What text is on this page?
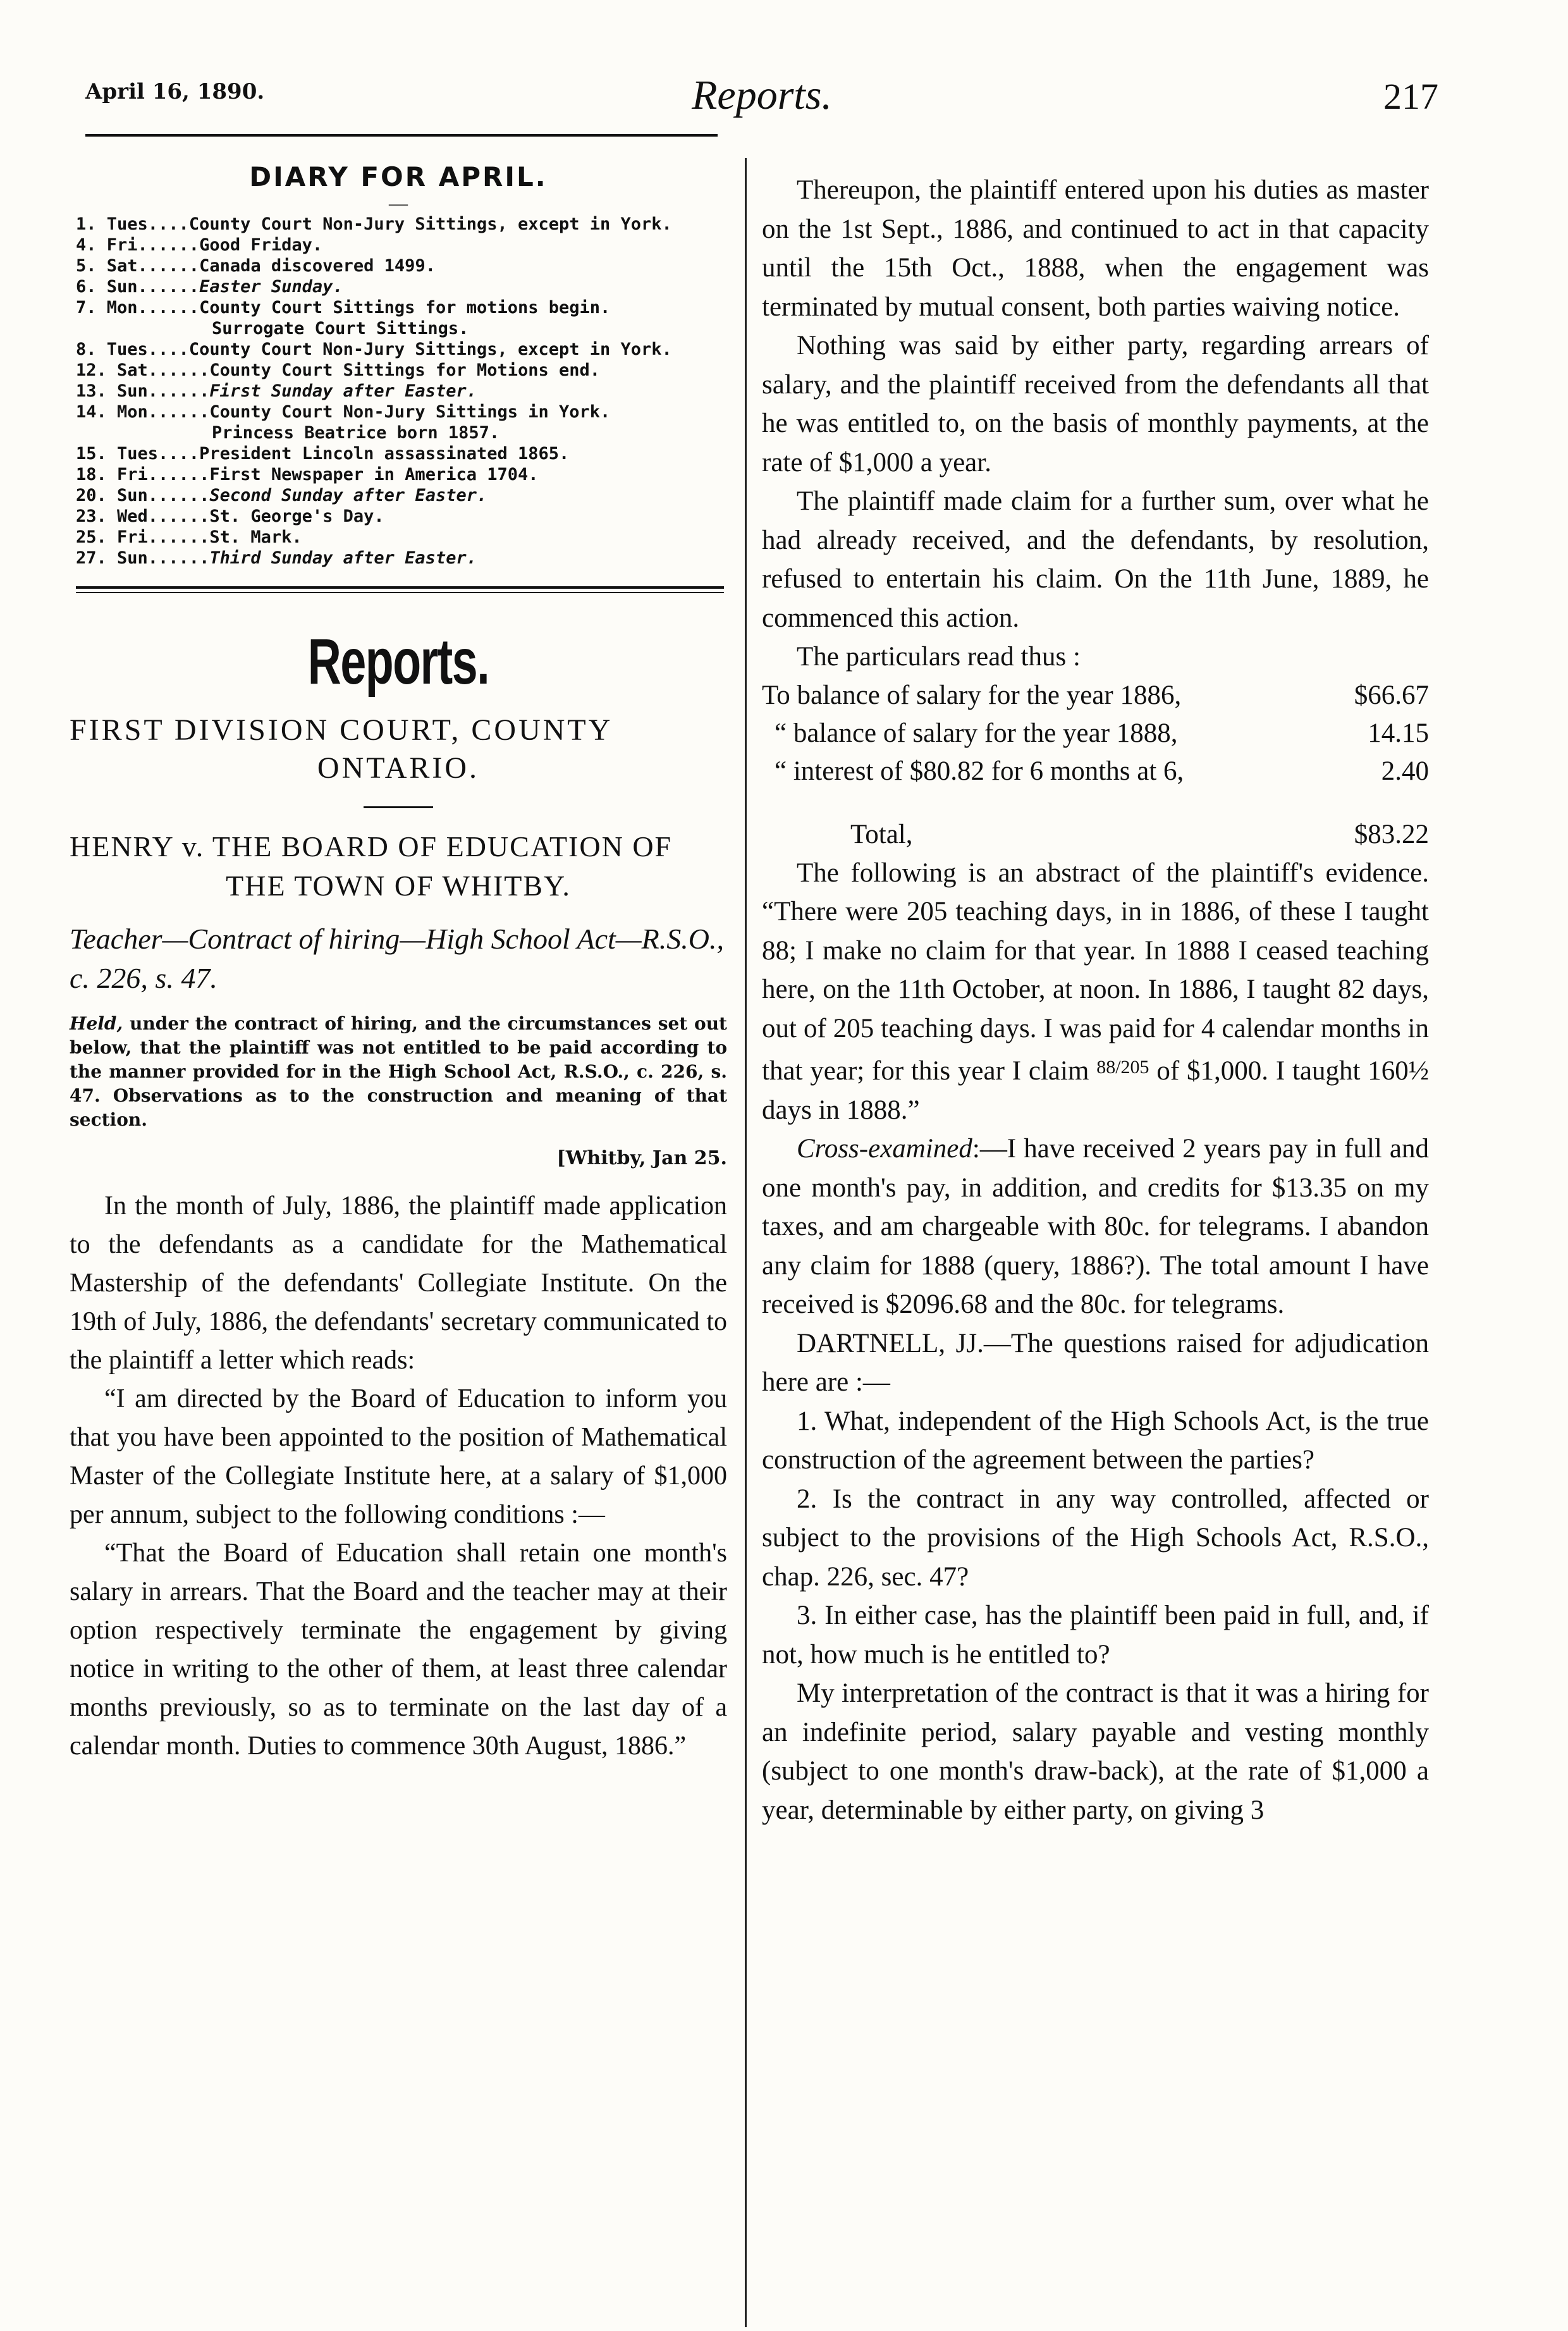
April 16, 1890.	Reports.	217
DIARY FOR APRIL.
—
1. Tues.... County Court Non-Jury Sittings, except in York.
4. Fri...... Good Friday.
5. Sat...... Canada discovered 1499.
6. Sun...... Easter Sunday.
7. Mon...... County Court Sittings for motions begin.
Surrogate Court Sittings.
8. Tues.... County Court Non-Jury Sittings, except in York.
12. Sat...... County Court Sittings for Motions end.
13. Sun...... First Sunday after Easter.
14. Mon...... County Court Non-Jury Sittings in York.
Princess Beatrice born 1857.
15. Tues.... President Lincoln assassinated 1865.
18. Fri...... First Newspaper in America 1704.
20. Sun...... Second Sunday after Easter.
23. Wed...... St. George's Day.
25. Fri...... St. Mark.
27. Sun...... Third Sunday after Easter.
Reports.
FIRST DIVISION COURT, COUNTY
ONTARIO.
HENRY v. THE BOARD OF EDUCATION OF
THE TOWN OF WHITBY.
Teacher—Contract of hiring—High School Act—R.S.O., c. 226, s. 47.
Held, under the contract of hiring, and the circumstances set out below, that the plaintiff was not entitled to be paid according to the manner provided for in the High School Act, R.S.O., c. 226, s. 47. Observations as to the construction and meaning of that section.
[Whitby, Jan 25.

In the month of July, 1886, the plaintiff made application to the defendants as a candidate for the Mathematical Mastership of the defendants' Collegiate Institute. On the 19th of July, 1886, the defendants' secretary communicated to the plaintiff a letter which reads:

“I am directed by the Board of Education to inform you that you have been appointed to the position of Mathematical Master of the Collegiate Institute here, at a salary of $1,000 per annum, subject to the following conditions :—

“That the Board of Education shall retain one month's salary in arrears. That the Board and the teacher may at their option respectively terminate the engagement by giving notice in writing to the other of them, at least three calendar months previously, so as to terminate on the last day of a calendar month. Duties to commence 30th August, 1886.”

Thereupon, the plaintiff entered upon his duties as master on the 1st Sept., 1886, and continued to act in that capacity until the 15th Oct., 1888, when the engagement was terminated by mutual consent, both parties waiving notice.

Nothing was said by either party, regarding arrears of salary, and the plaintiff received from the defendants all that he was entitled to, on the basis of monthly payments, at the rate of $1,000 a year.

The plaintiff made claim for a further sum, over what he had already received, and the defendants, by resolution, refused to entertain his claim. On the 11th June, 1889, he commenced this action.

The particulars read thus :

To balance of salary for the year 1886,	$66.67
“ balance of salary for the year 1888,	14.15
“ interest of $80.82 for 6 months at 6,	2.40
Total,	$83.22

The following is an abstract of the plaintiff's evidence. “There were 205 teaching days, in in 1886, of these I taught 88; I make no claim for that year. In 1888 I ceased teaching here, on the 11th October, at noon. In 1886, I taught 82 days, out of 205 teaching days. I was paid for 4 calendar months in that year; for this year I claim $^{88/205}$ of $1,000. I taught 160½ days in 1888.”

Cross-examined:—I have received 2 years pay in full and one month's pay, in addition, and credits for $13.35 on my taxes, and am chargeable with 80c. for telegrams. I abandon any claim for 1888 (query, 1886?). The total amount I have received is $2096.68 and the 80c. for telegrams.

DARTNELL, JJ.—The questions raised for adjudication here are :—

1. What, independent of the High Schools Act, is the true construction of the agreement between the parties?

2. Is the contract in any way controlled, affected or subject to the provisions of the High Schools Act, R.S.O., chap. 226, sec. 47?

3. In either case, has the plaintiff been paid in full, and, if not, how much is he entitled to?

My interpretation of the contract is that it was a hiring for an indefinite period, salary payable and vesting monthly (subject to one month's draw-back), at the rate of $1,000 a year, determinable by either party, on giving 3
